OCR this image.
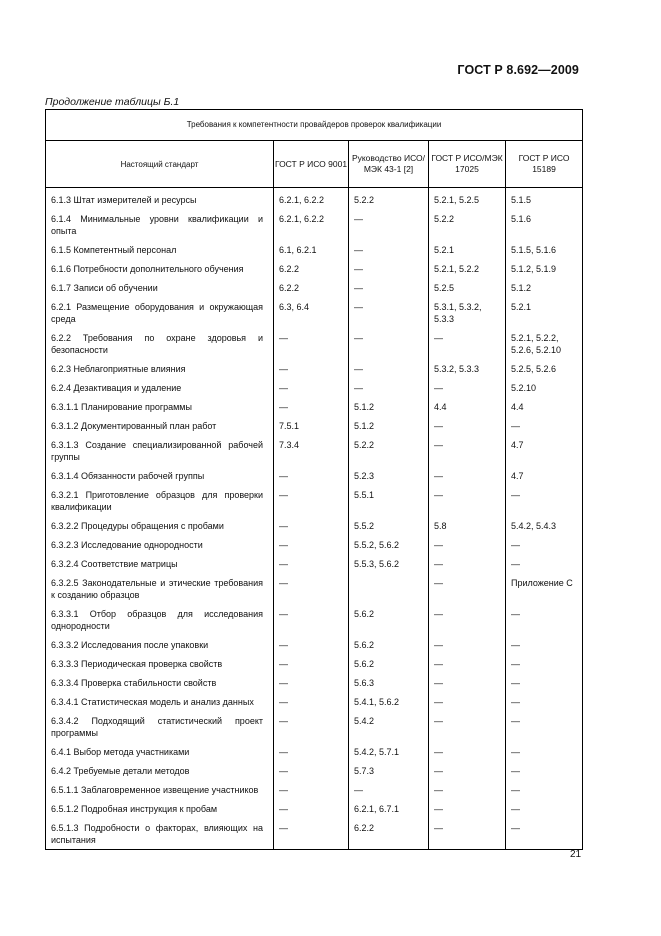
ГОСТ Р 8.692—2009
Продолжение таблицы Б.1
Требования к компетентности провайдеров проверок квалификации				
Настоящий стандарт	ГОСТ Р ИСО 9001	Руководство ИСО/МЭК 43-1 [2]	ГОСТ Р ИСО/МЭК 17025	ГОСТ Р ИСО 15189
6.1.3 Штат измерителей и ресурсы	6.2.1, 6.2.2	5.2.2	5.2.1, 5.2.5	5.1.5
6.1.4 Минимальные уровни квалификации и опыта	6.2.1, 6.2.2	—	5.2.2	5.1.6
6.1.5 Компетентный персонал	6.1, 6.2.1	—	5.2.1	5.1.5, 5.1.6
6.1.6 Потребности дополнительного обучения	6.2.2	—	5.2.1, 5.2.2	5.1.2, 5.1.9
6.1.7 Записи об обучении	6.2.2	—	5.2.5	5.1.2
6.2.1 Размещение оборудования и окружающая среда	6.3, 6.4	—	5.3.1, 5.3.2, 5.3.3	5.2.1
6.2.2 Требования по охране здоровья и безопасности	—	—	—	5.2.1, 5.2.2, 5.2.6, 5.2.10
6.2.3 Неблагоприятные влияния	—	—	5.3.2, 5.3.3	5.2.5, 5.2.6
6.2.4 Дезактивация и удаление	—	—	—	5.2.10
6.3.1.1 Планирование программы	—	5.1.2	4.4	4.4
6.3.1.2 Документированный план работ	7.5.1	5.1.2	—	—
6.3.1.3 Создание специализированной рабочей группы	7.3.4	5.2.2	—	4.7
6.3.1.4 Обязанности рабочей группы	—	5.2.3	—	4.7
6.3.2.1 Приготовление образцов для проверки квалификации	—	5.5.1	—	—
6.3.2.2 Процедуры обращения с пробами	—	5.5.2	5.8	5.4.2, 5.4.3
6.3.2.3 Исследование однородности	—	5.5.2, 5.6.2	—	—
6.3.2.4 Соответствие матрицы	—	5.5.3, 5.6.2	—	—
6.3.2.5 Законодательные и этические требования к созданию образцов	—		—	Приложение С
6.3.3.1 Отбор образцов для исследования однородности	—	5.6.2	—	—
6.3.3.2 Исследования после упаковки	—	5.6.2	—	—
6.3.3.3 Периодическая проверка свойств	—	5.6.2	—	—
6.3.3.4 Проверка стабильности свойств	—	5.6.3	—	—
6.3.4.1 Статистическая модель и анализ данных	—	5.4.1, 5.6.2	—	—
6.3.4.2 Подходящий статистический проект программы	—	5.4.2	—	—
6.4.1 Выбор метода участниками	—	5.4.2, 5.7.1	—	—
6.4.2 Требуемые детали методов	—	5.7.3	—	—
6.5.1.1 Заблаговременное извещение участников	—	—	—	—
6.5.1.2 Подробная инструкция к пробам	—	6.2.1, 6.7.1	—	—
6.5.1.3 Подробности о факторах, влияющих на испытания	—	6.2.2	—	—
21
